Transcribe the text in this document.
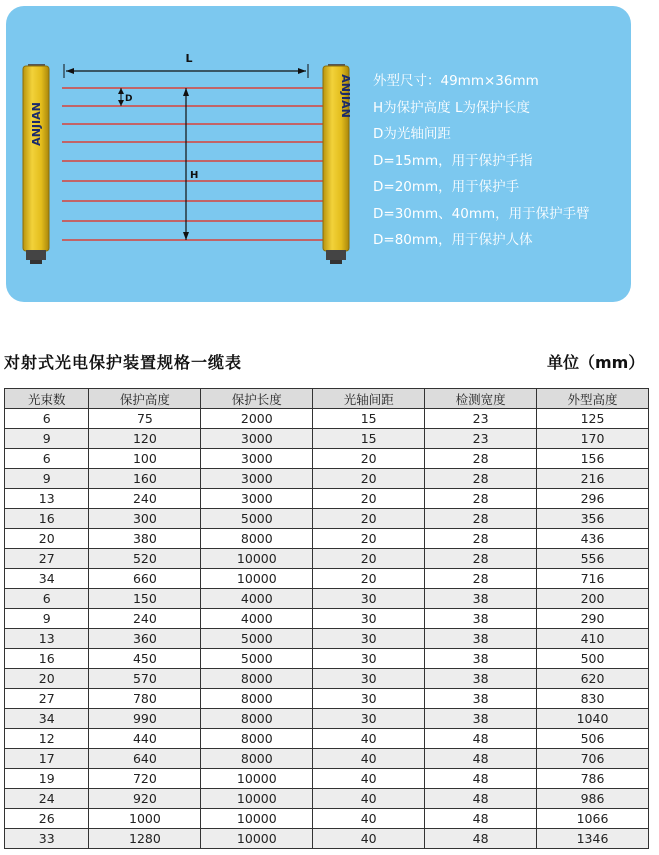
ANJIAN
ANJIAN
L
D
H
外型尺寸：49mm×36mm
H为保护高度 L为保护长度
D为光轴间距
D=15mm，用于保护手指
D=20mm，用于保护手
D=30mm、40mm，用于保护手臂
D=80mm，用于保护人体
对射式光电保护装置规格一缆表	单位（mm）
光束数	保护高度	保护长度	光轴间距	检测宽度	外型高度
6	75	2000	15	23	125
9	120	3000	15	23	170
6	100	3000	20	28	156
9	160	3000	20	28	216
13	240	3000	20	28	296
16	300	5000	20	28	356
20	380	8000	20	28	436
27	520	10000	20	28	556
34	660	10000	20	28	716
6	150	4000	30	38	200
9	240	4000	30	38	290
13	360	5000	30	38	410
16	450	5000	30	38	500
20	570	8000	30	38	620
27	780	8000	30	38	830
34	990	8000	30	38	1040
12	440	8000	40	48	506
17	640	8000	40	48	706
19	720	10000	40	48	786
24	920	10000	40	48	986
26	1000	10000	40	48	1066
33	1280	10000	40	48	1346
